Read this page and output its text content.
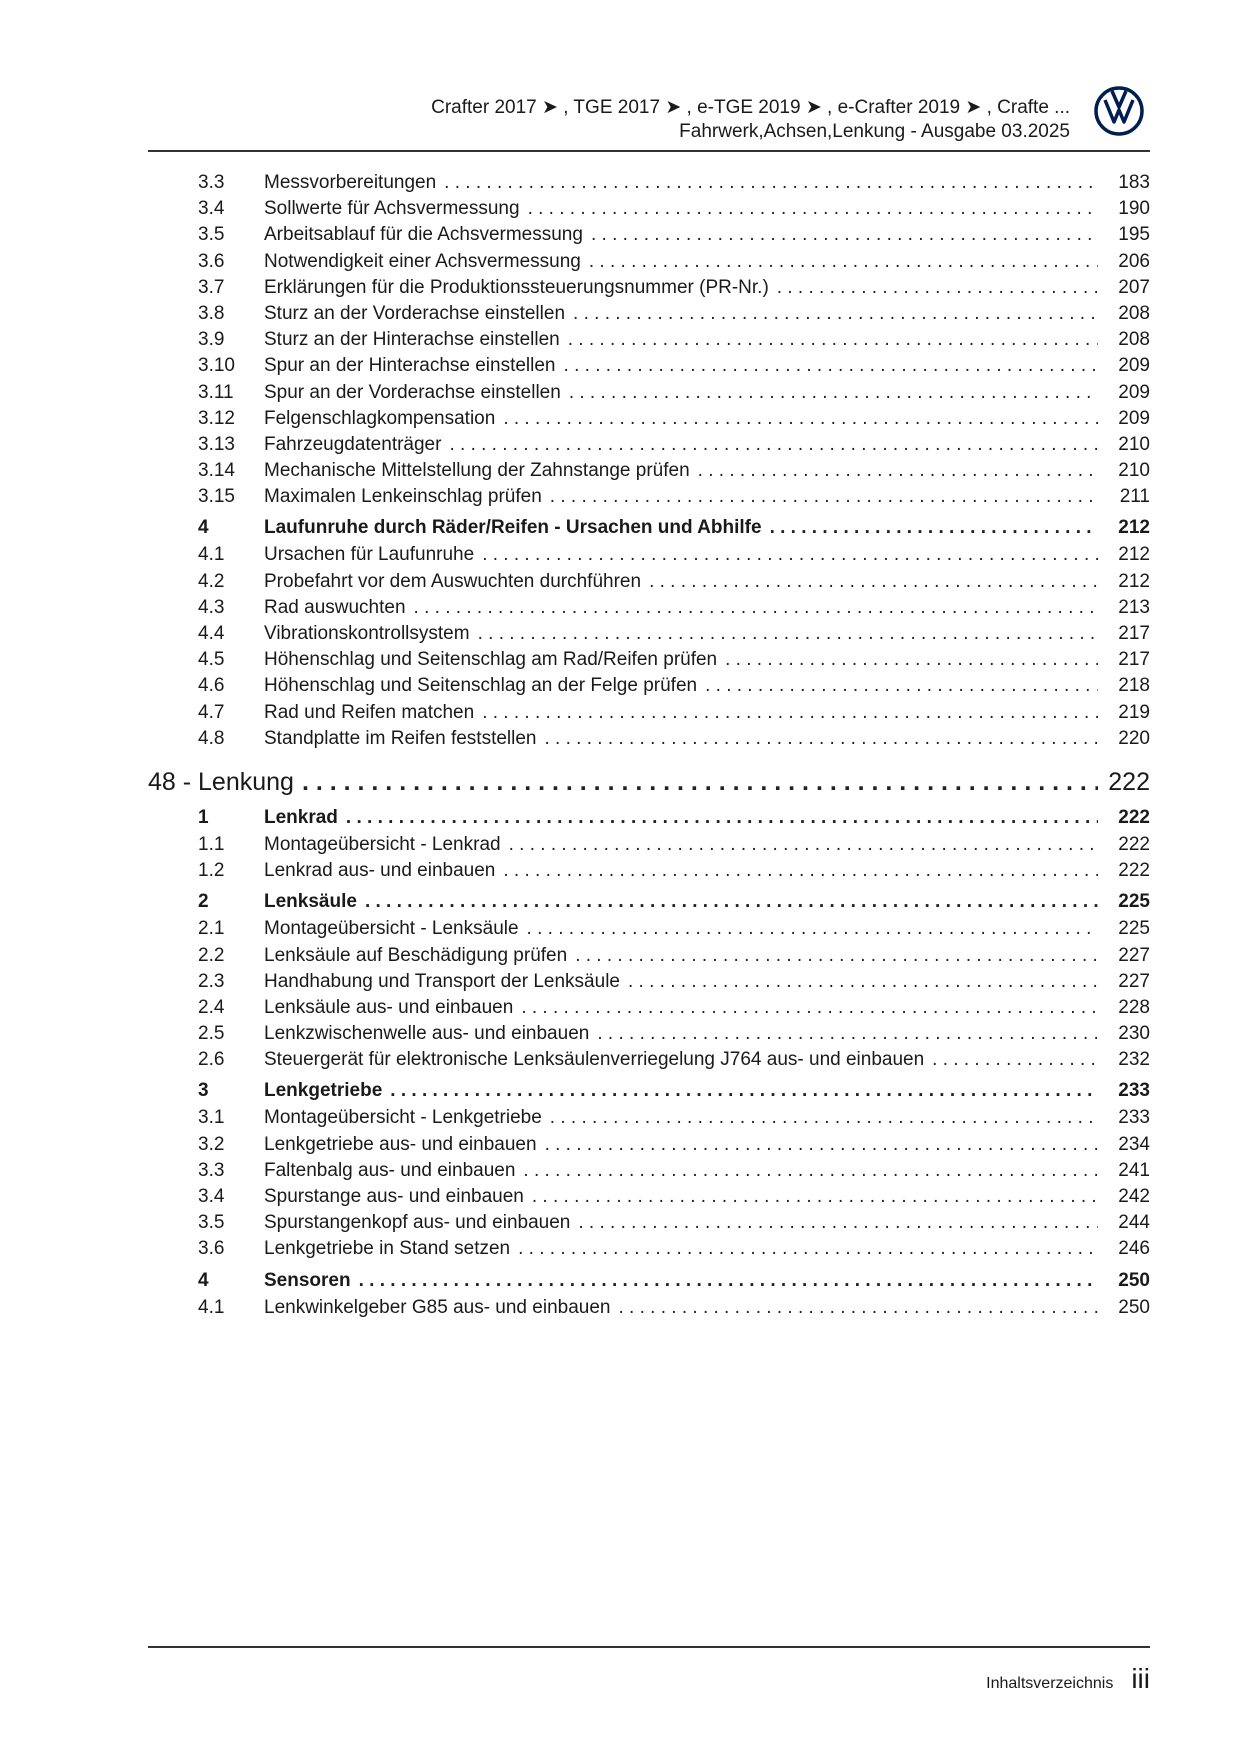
Crafter 2017 ➤ , TGE 2017 ➤ , e-TGE 2019 ➤ , e-Crafter 2019 ➤ , Crafte ...
Fahrwerk,Achsen,Lenkung - Ausgabe 03.2025
3.3	Messvorbereitungen . . .	183
3.4	Sollwerte für Achsvermessung . . .	190
3.5	Arbeitsablauf für die Achsvermessung . . .	195
3.6	Notwendigkeit einer Achsvermessung . . .	206
3.7	Erklärungen für die Produktionssteuerungsnummer (PR-Nr.) . . .	207
3.8	Sturz an der Vorderachse einstellen . . .	208
3.9	Sturz an der Hinterachse einstellen . . .	208
3.10	Spur an der Hinterachse einstellen . . .	209
3.11	Spur an der Vorderachse einstellen . . .	209
3.12	Felgenschlagkompensation . . .	209
3.13	Fahrzeugdatenträger . . .	210
3.14	Mechanische Mittelstellung der Zahnstange prüfen . . .	210
3.15	Maximalen Lenkeinschlag prüfen . . .	211
4	Laufunruhe durch Räder/Reifen - Ursachen und Abhilfe . . .	212
4.1	Ursachen für Laufunruhe . . .	212
4.2	Probefahrt vor dem Auswuchten durchführen . . .	212
4.3	Rad auswuchten . . .	213
4.4	Vibrationskontrollsystem . . .	217
4.5	Höhenschlag und Seitenschlag am Rad/Reifen prüfen . . .	217
4.6	Höhenschlag und Seitenschlag an der Felge prüfen . . .	218
4.7	Rad und Reifen matchen . . .	219
4.8	Standplatte im Reifen feststellen . . .	220
48 - Lenkung . . .	222
1	Lenkrad . . .	222
1.1	Montageübersicht - Lenkrad . . .	222
1.2	Lenkrad aus- und einbauen . . .	222
2	Lenksäule . . .	225
2.1	Montageübersicht - Lenksäule . . .	225
2.2	Lenksäule auf Beschädigung prüfen . . .	227
2.3	Handhabung und Transport der Lenksäule . . .	227
2.4	Lenksäule aus- und einbauen . . .	228
2.5	Lenkzwischenwelle aus- und einbauen . . .	230
2.6	Steuergerät für elektronische Lenksäulenverriegelung J764 aus- und einbauen . . .	232
3	Lenkgetriebe . . .	233
3.1	Montageübersicht - Lenkgetriebe . . .	233
3.2	Lenkgetriebe aus- und einbauen . . .	234
3.3	Faltenbalg aus- und einbauen . . .	241
3.4	Spurstange aus- und einbauen . . .	242
3.5	Spurstangenkopf aus- und einbauen . . .	244
3.6	Lenkgetriebe in Stand setzen . . .	246
4	Sensoren . . .	250
4.1	Lenkwinkelgeber G85 aus- und einbauen . . .	250
Inhaltsverzeichnis iii
